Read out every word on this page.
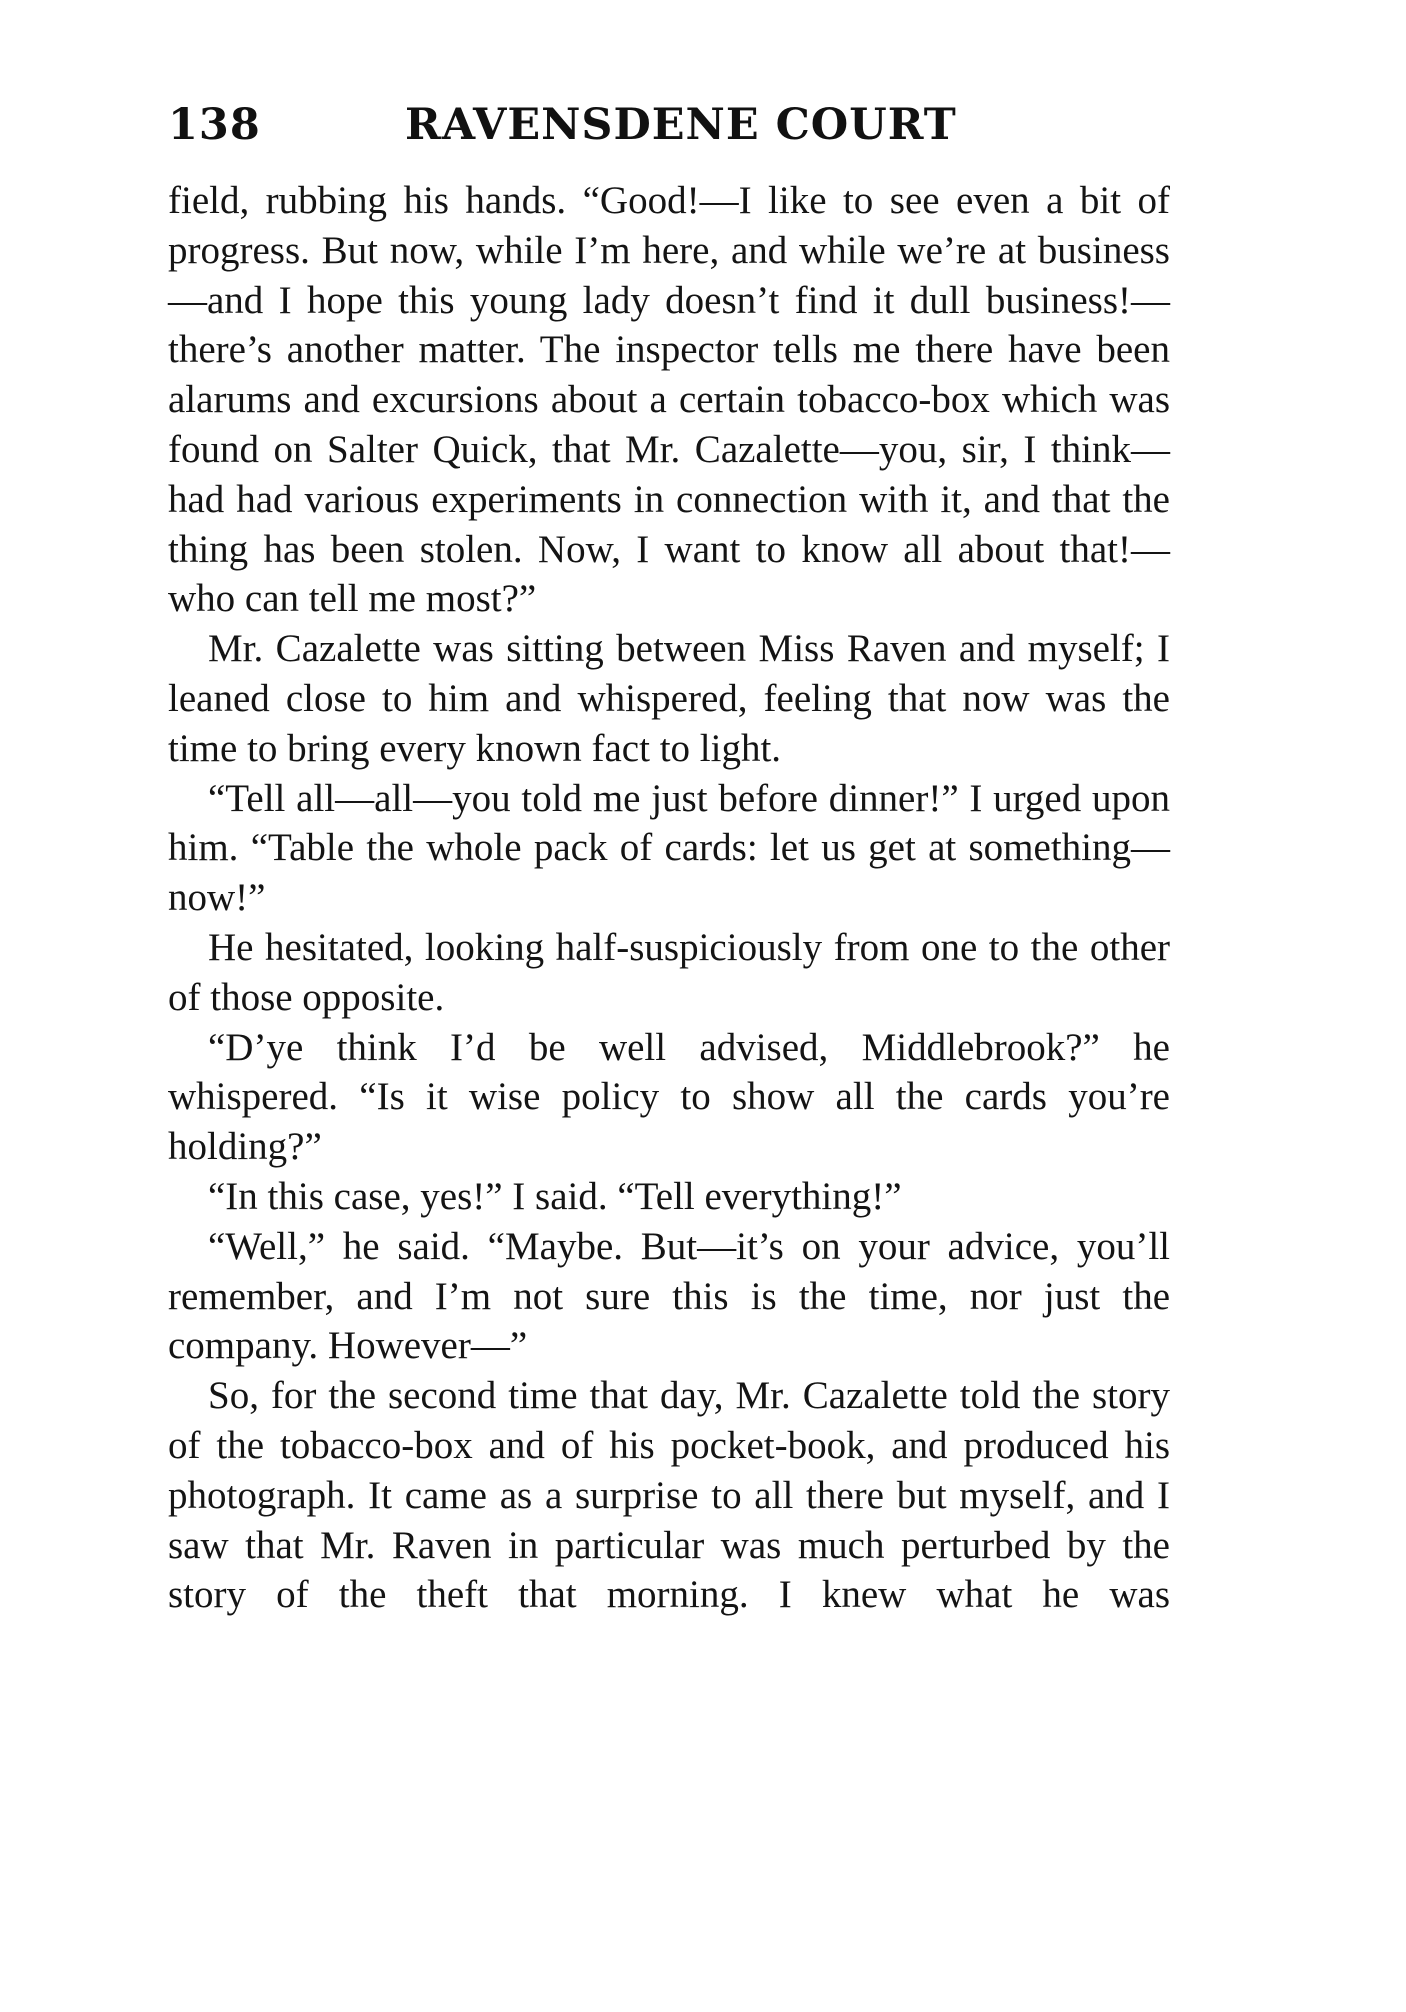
138	RAVENSDENE COURT

field, rubbing his hands. “Good!—I like to see even a bit of progress. But now, while I’m here, and while we’re at business—and I hope this young lady doesn’t find it dull business!—there’s another matter. The inspector tells me there have been alarums and excursions about a certain tobacco-box which was found on Salter Quick, that Mr. Cazalette—you, sir, I think—had had various experiments in connection with it, and that the thing has been stolen. Now, I want to know all about that!—who can tell me most?”

Mr. Cazalette was sitting between Miss Raven and myself; I leaned close to him and whispered, feeling that now was the time to bring every known fact to light.

“Tell all—all—you told me just before dinner!” I urged upon him. “Table the whole pack of cards: let us get at something—now!”

He hesitated, looking half-suspiciously from one to the other of those opposite.

“D’ye think I’d be well advised, Middlebrook?” he whispered. “Is it wise policy to show all the cards you’re holding?”

“In this case, yes!” I said. “Tell everything!”

“Well,” he said. “Maybe. But—it’s on your advice, you’ll remember, and I’m not sure this is the time, nor just the company. However—”

So, for the second time that day, Mr. Cazalette told the story of the tobacco-box and of his pocket-book, and produced his photograph. It came as a surprise to all there but myself, and I saw that Mr. Raven in particular was much perturbed by the story of the theft that morning. I knew what he was
